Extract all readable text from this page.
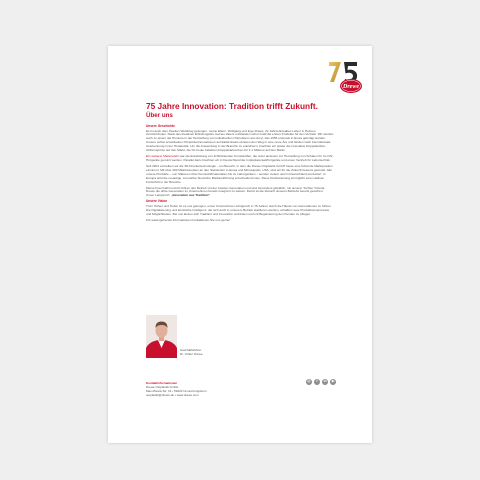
Drewe
75 Jahre Innovation: Tradition trifft Zukunft.
Über uns

Unsere Geschichte

Es ist auch dem Zweiten Weltkrieg gelungen, meine Eltern, Wolfgang und Inge Drewe, ihr Jahrzehntealtes Leben in Heimen zurückzuholen. Dank des kreativen Erfindergeists meines Vaters entstanden schon bald die ersten Produkte für den Vertrieb. Wir wurden auch zu einem der Pioniere in der Herstellung von individuellen Ohrpolstern aus Acryl, das 1955 erstmals in Emsa gefertigt wurden. Unsere selbst entwickelten Ohrpolsterinnovationen auf Elektrobasis ebneten den Weg in eine neue Ära und fanden nach internationale Anerkennung in der Hörakustik. Um die Anwendung in der Branche zu erleichtern, brachten wir später die innovative Doppelkolben-Abformspritze auf den Markt, die bis heute beliebten Doppelkartuschen für 1:1 Silikone auf den Markt.

Ein weiterer Meilenstein war die Entwicklung von lichthärtenden Kunststoffen, die unter anderem zur Herstellung von Schalen für Im-Ohr-Hörgeräte genutzt werden. Parallel dazu brachten wir in Deutschland die Implantatersatzhörgeräte und einen Vertrieb für Labortechnik.

Seit 2001 vertreiben wir die 3D-Druckertechnologie – ein Bereich, in dem die Drewe Otoplastik GmbH heute eine führende Marktposition einnimmt. Mit über 400 Mitarbeitenden an den Standorten in Emsa und Minneapolis, USA, sind wir für die Zukunft bestens gerüstet. Alle unsere Produkte – von Silikonen über Kunststoffmaterialien bis zu Laborgeräten – werden zudem weil in Deutschland produziert. In Europa wird die neuartige, innovative bionische Markteinführung entscheidend sein. Diese Positionierung ermöglicht einen aktiven Fortschritt in der Branche.

Meine Frau Kathi und ich führen den Betrieb mit der zweiten Generation und sind besonders glücklich, mit unserer Tochter Victoria Drewe die dritte Generation im Unternehmen bereits integriert zu wissen. Damit ist die Zukunft unseres Betriebs bereits gesichert.
Unser Leitspruch: „Innovation aus Tradition“

Unsere Vision

Trotz Höhen und Tiefen ist es uns gelungen, unser Unternehmen erfolgreich in 75 Jahren durch die Hände von Generationen zu führen. Die Digitalisierung und künstliche Intelligenz, die sich auch in unserem Betrieb etablieren werden, schaffen neue Produktionsprozesse und Möglichkeiten. Bei uns lassen sich Tradition und Innovation verbinden und mit Begeisterung den Kunden zu pflegen.

Für weitergehende Informationen kontaktieren Sie uns gerne!

Geschäftsführer
Dr. Volker Drewe
Kontaktinformationen
Drewe Otoplastik GmbH
Max-Planck-Str. 31 • 59423 Unna-Königsborn
otoplastik@drewe.de • www.drewe.com
◎	f	in	▶
